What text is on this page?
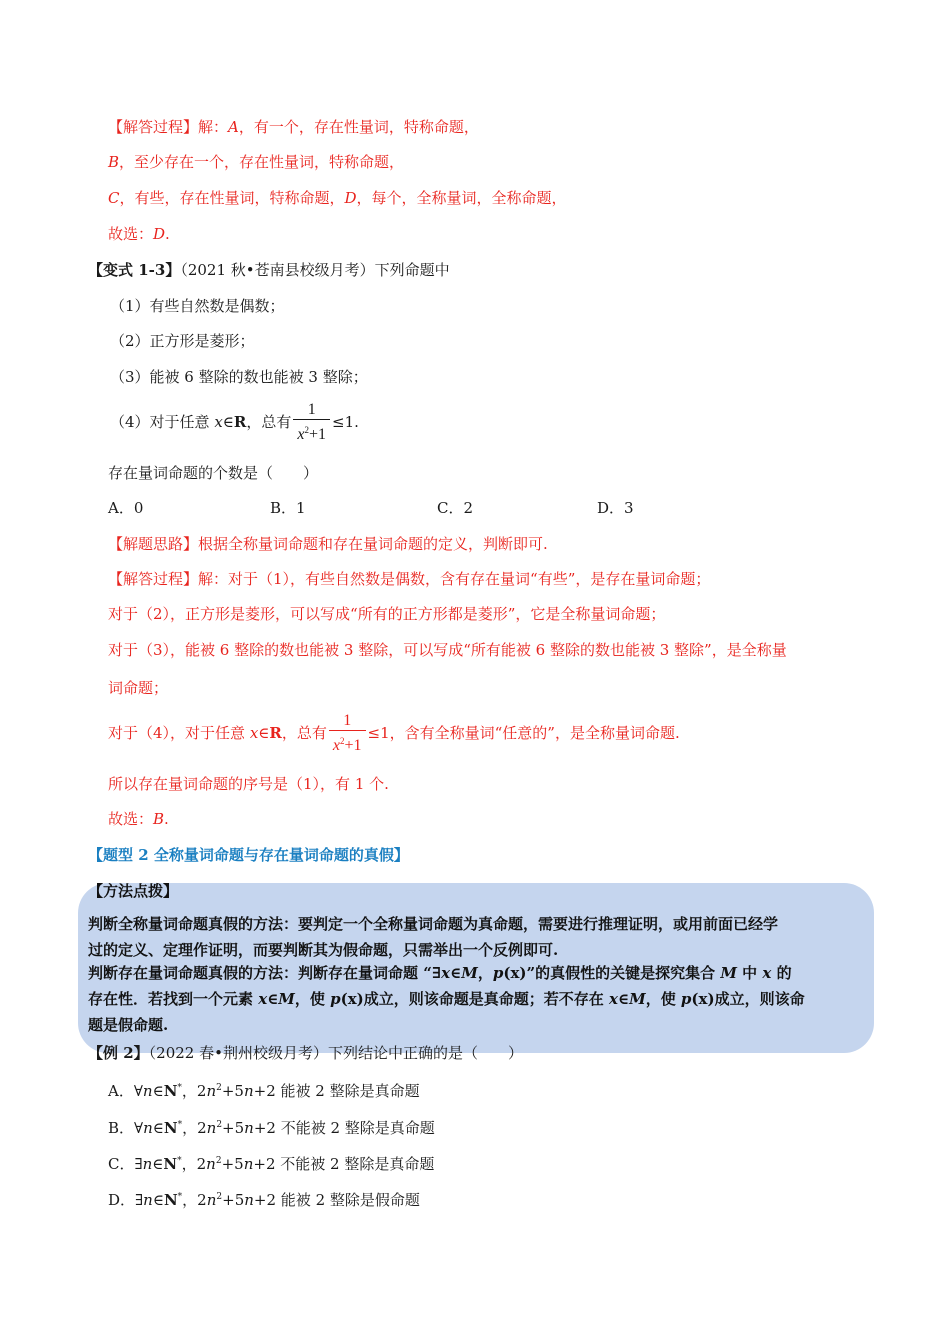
【解答过程】解：A，有一个，存在性量词，特称命题，
B，至少存在一个，存在性量词，特称命题，
C，有些，存在性量词，特称命题，D，每个，全称量词，全称命题，
故选：D.
【变式 1-3】（2021 秋•苍南县校级月考）下列命题中
（1）有些自然数是偶数；
（2）正方形是菱形；
（3）能被 6 整除的数也能被 3 整除；
（4）对于任意 x∈R，总有 $\frac{1}{x^2+1} \le 1$.
存在量词命题的个数是（　　）
A．0	B．1	C．2	D．3
【解题思路】根据全称量词命题和存在量词命题的定义，判断即可.
【解答过程】解：对于（1），有些自然数是偶数，含有存在量词“有些”，是存在量词命题；
对于（2），正方形是菱形，可以写成“所有的正方形都是菱形”，它是全称量词命题；
对于（3），能被 6 整除的数也能被 3 整除，可以写成“所有能被 6 整除的数也能被 3 整除”，是全称量
词命题；
对于（4），对于任意 x∈R，总有 $\frac{1}{x^2+1} \le 1$，含有全称量词“任意的”，是全称量词命题.
所以存在量词命题的序号是（1），有 1 个.
故选：B.
【题型 2 全称量词命题与存在量词命题的真假】
【方法点拨】
判断全称量词命题真假的方法：要判定一个全称量词命题为真命题，需要进行推理证明，或用前面已经学
过的定义、定理作证明，而要判断其为假命题，只需举出一个反例即可.
判断存在量词命题真假的方法：判断存在量词命题 “∃x∈M，p(x)”的真假性的关键是探究集合 M 中 x 的
存在性．若找到一个元素 x∈M，使 p(x)成立，则该命题是真命题；若不存在 x∈M，使 p(x)成立，则该命
题是假命题.
【例 2】（2022 春•荆州校级月考）下列结论中正确的是（　　）
A．∀n∈N*，$2n^2+5n+2$ 能被 2 整除是真命题
B．∀n∈N*，$2n^2+5n+2$ 不能被 2 整除是真命题
C．∃n∈N*，$2n^2+5n+2$ 不能被 2 整除是真命题
D．∃n∈N*，$2n^2+5n+2$ 能被 2 整除是假命题
